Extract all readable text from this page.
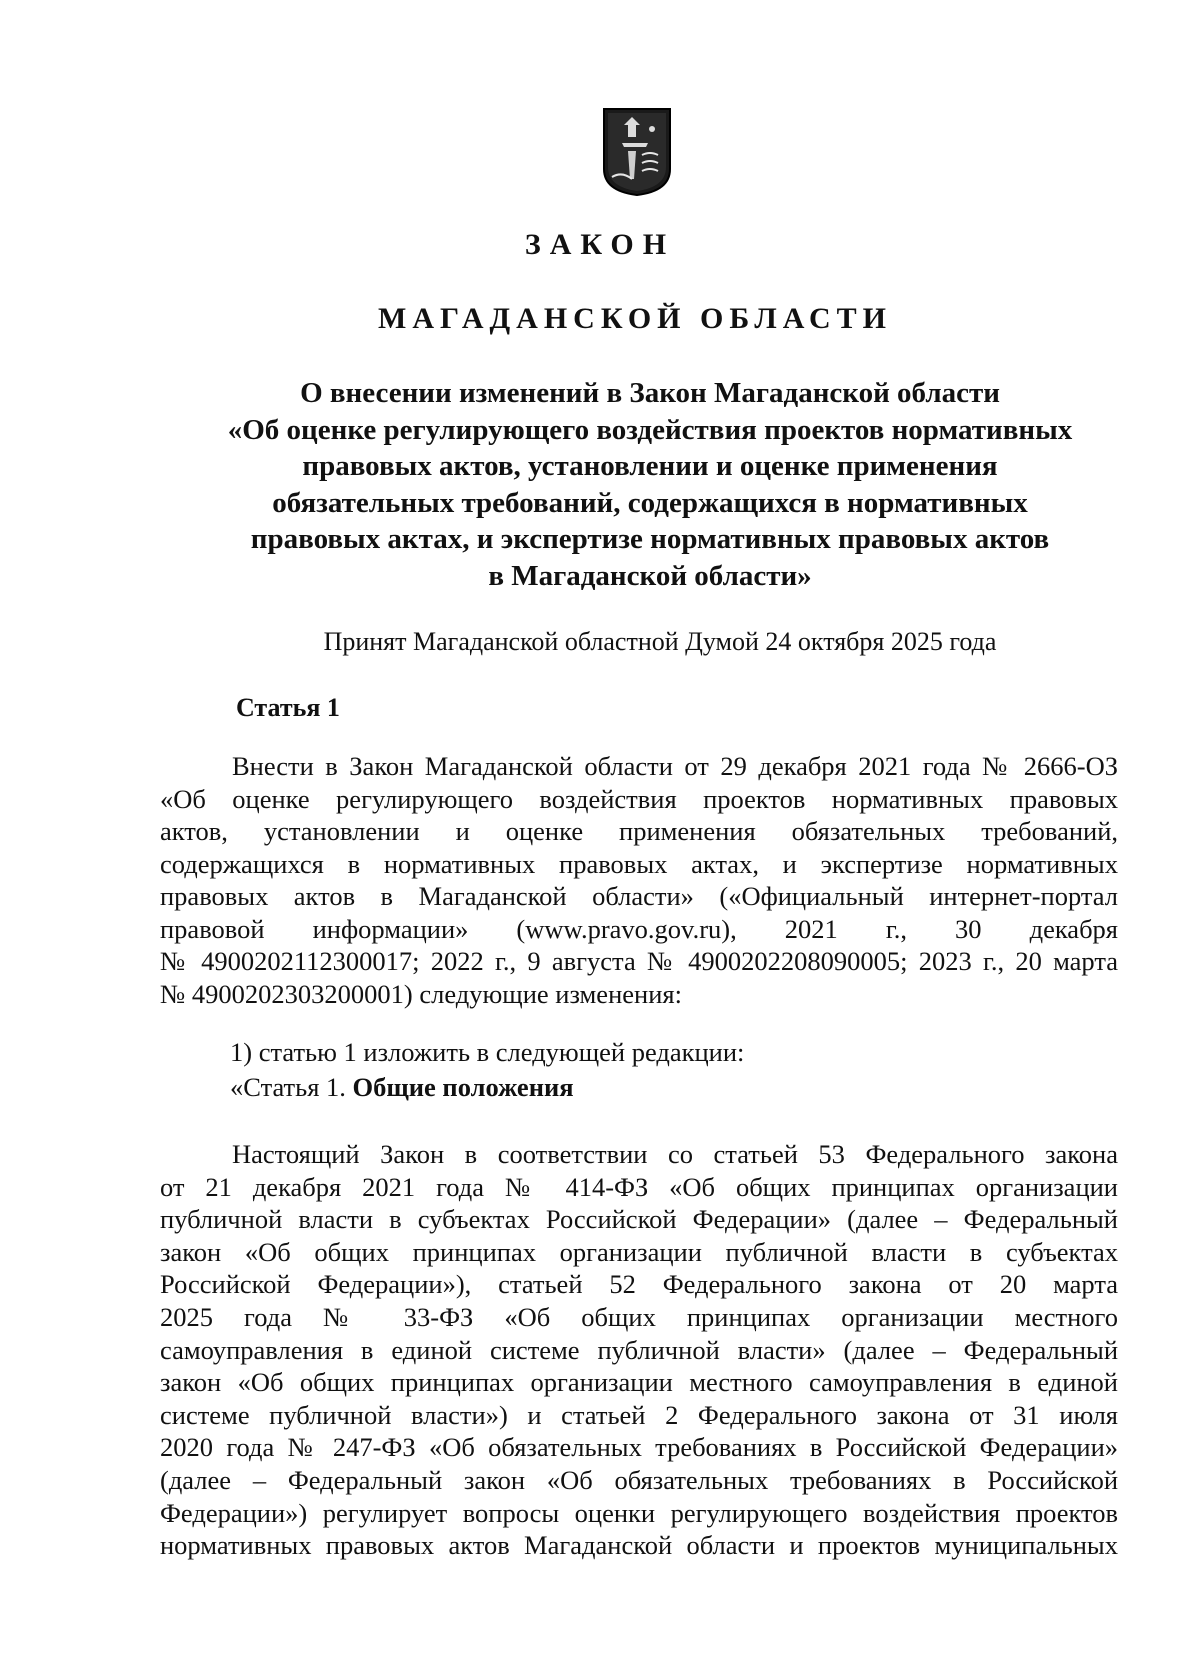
ЗАКОН
МАГАДАНСКОЙ ОБЛАСТИ
О внесении изменений в Закон Магаданской области
«Об оценке регулирующего воздействия проектов нормативных
правовых актов, установлении и оценке применения
обязательных требований, содержащихся в нормативных
правовых актах, и экспертизе нормативных правовых актов
в Магаданской области»
Принят Магаданской областной Думой 24 октября 2025 года
Статья 1
Внести в Закон Магаданской области от 29 декабря 2021 года № 2666-ОЗ
«Об оценке регулирующего воздействия проектов нормативных правовых
актов, установлении и оценке применения обязательных требований,
содержащихся в нормативных правовых актах, и экспертизе нормативных
правовых актов в Магаданской области» («Официальный интернет-портал
правовой информации» (www.pravo.gov.ru), 2021 г., 30 декабря
№ 4900202112300017; 2022 г., 9 августа № 4900202208090005; 2023 г., 20 марта
№ 4900202303200001) следующие изменения:
1) статью 1 изложить в следующей редакции:
«Статья 1. Общие положения
Настоящий Закон в соответствии со статьей 53 Федерального закона
от 21 декабря 2021 года № 414-ФЗ «Об общих принципах организации
публичной власти в субъектах Российской Федерации» (далее – Федеральный
закон «Об общих принципах организации публичной власти в субъектах
Российской Федерации»), статьей 52 Федерального закона от 20 марта
2025 года № 33-ФЗ «Об общих принципах организации местного
самоуправления в единой системе публичной власти» (далее – Федеральный
закон «Об общих принципах организации местного самоуправления в единой
системе публичной власти») и статьей 2 Федерального закона от 31 июля
2020 года № 247-ФЗ «Об обязательных требованиях в Российской Федерации»
(далее – Федеральный закон «Об обязательных требованиях в Российской
Федерации») регулирует вопросы оценки регулирующего воздействия проектов
нормативных правовых актов Магаданской области и проектов муниципальных
